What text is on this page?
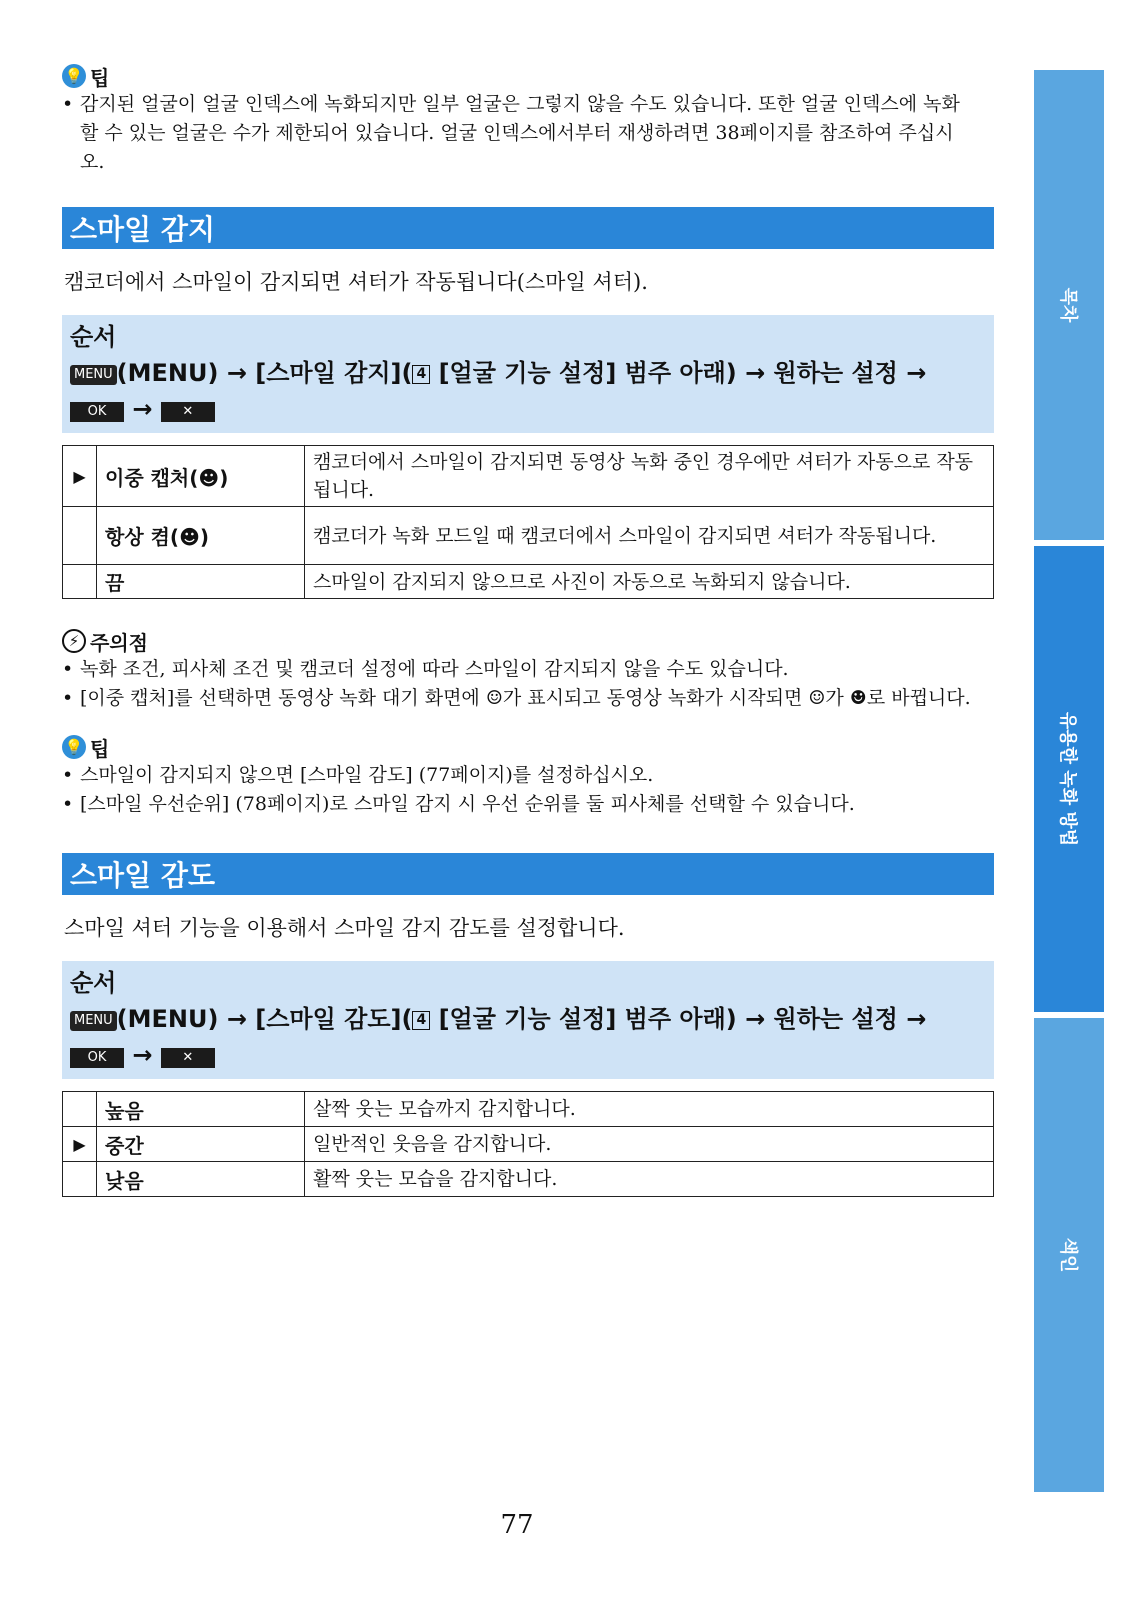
💡 팁
• 감지된 얼굴이 얼굴 인덱스에 녹화되지만 일부 얼굴은 그렇지 않을 수도 있습니다. 또한 얼굴 인덱스에 녹화할 수 있는 얼굴은 수가 제한되어 있습니다. 얼굴 인덱스에서부터 재생하려면 38페이지를 참조하여 주십시오.
스마일 감지

캠코더에서 스마일이 감지되면 셔터가 작동됩니다(스마일 셔터).

순서
MENU (MENU) → [스마일 감지]( 4 [얼굴 기능 설정] 범주 아래) → 원하는 설정 → OK → ✕
▶	이중 캡처(☻)	캠코더에서 스마일이 감지되면 동영상 녹화 중인 경우에만 셔터가 자동으로 작동됩니다.
	항상 켬(☻)	캠코더가 녹화 모드일 때 캠코더에서 스마일이 감지되면 셔터가 작동됩니다.
	끔	스마일이 감지되지 않으므로 사진이 자동으로 녹화되지 않습니다.
⚡ 주의점
• 녹화 조건, 피사체 조건 및 캠코더 설정에 따라 스마일이 감지되지 않을 수도 있습니다.
• [이중 캡처]를 선택하면 동영상 녹화 대기 화면에 ☺가 표시되고 동영상 녹화가 시작되면 ☺가 ☻로 바뀝니다.
💡 팁
• 스마일이 감지되지 않으면 [스마일 감도] (77페이지)를 설정하십시오.
• [스마일 우선순위] (78페이지)로 스마일 감지 시 우선 순위를 둘 피사체를 선택할 수 있습니다.
스마일 감도

스마일 셔터 기능을 이용해서 스마일 감지 감도를 설정합니다.

순서
MENU (MENU) → [스마일 감도]( 4 [얼굴 기능 설정] 범주 아래) → 원하는 설정 → OK → ✕
	높음	살짝 웃는 모습까지 감지합니다.
▶	중간	일반적인 웃음을 감지합니다.
	낮음	활짝 웃는 모습을 감지합니다.
목차
유용한 녹화 방법
색인
77
